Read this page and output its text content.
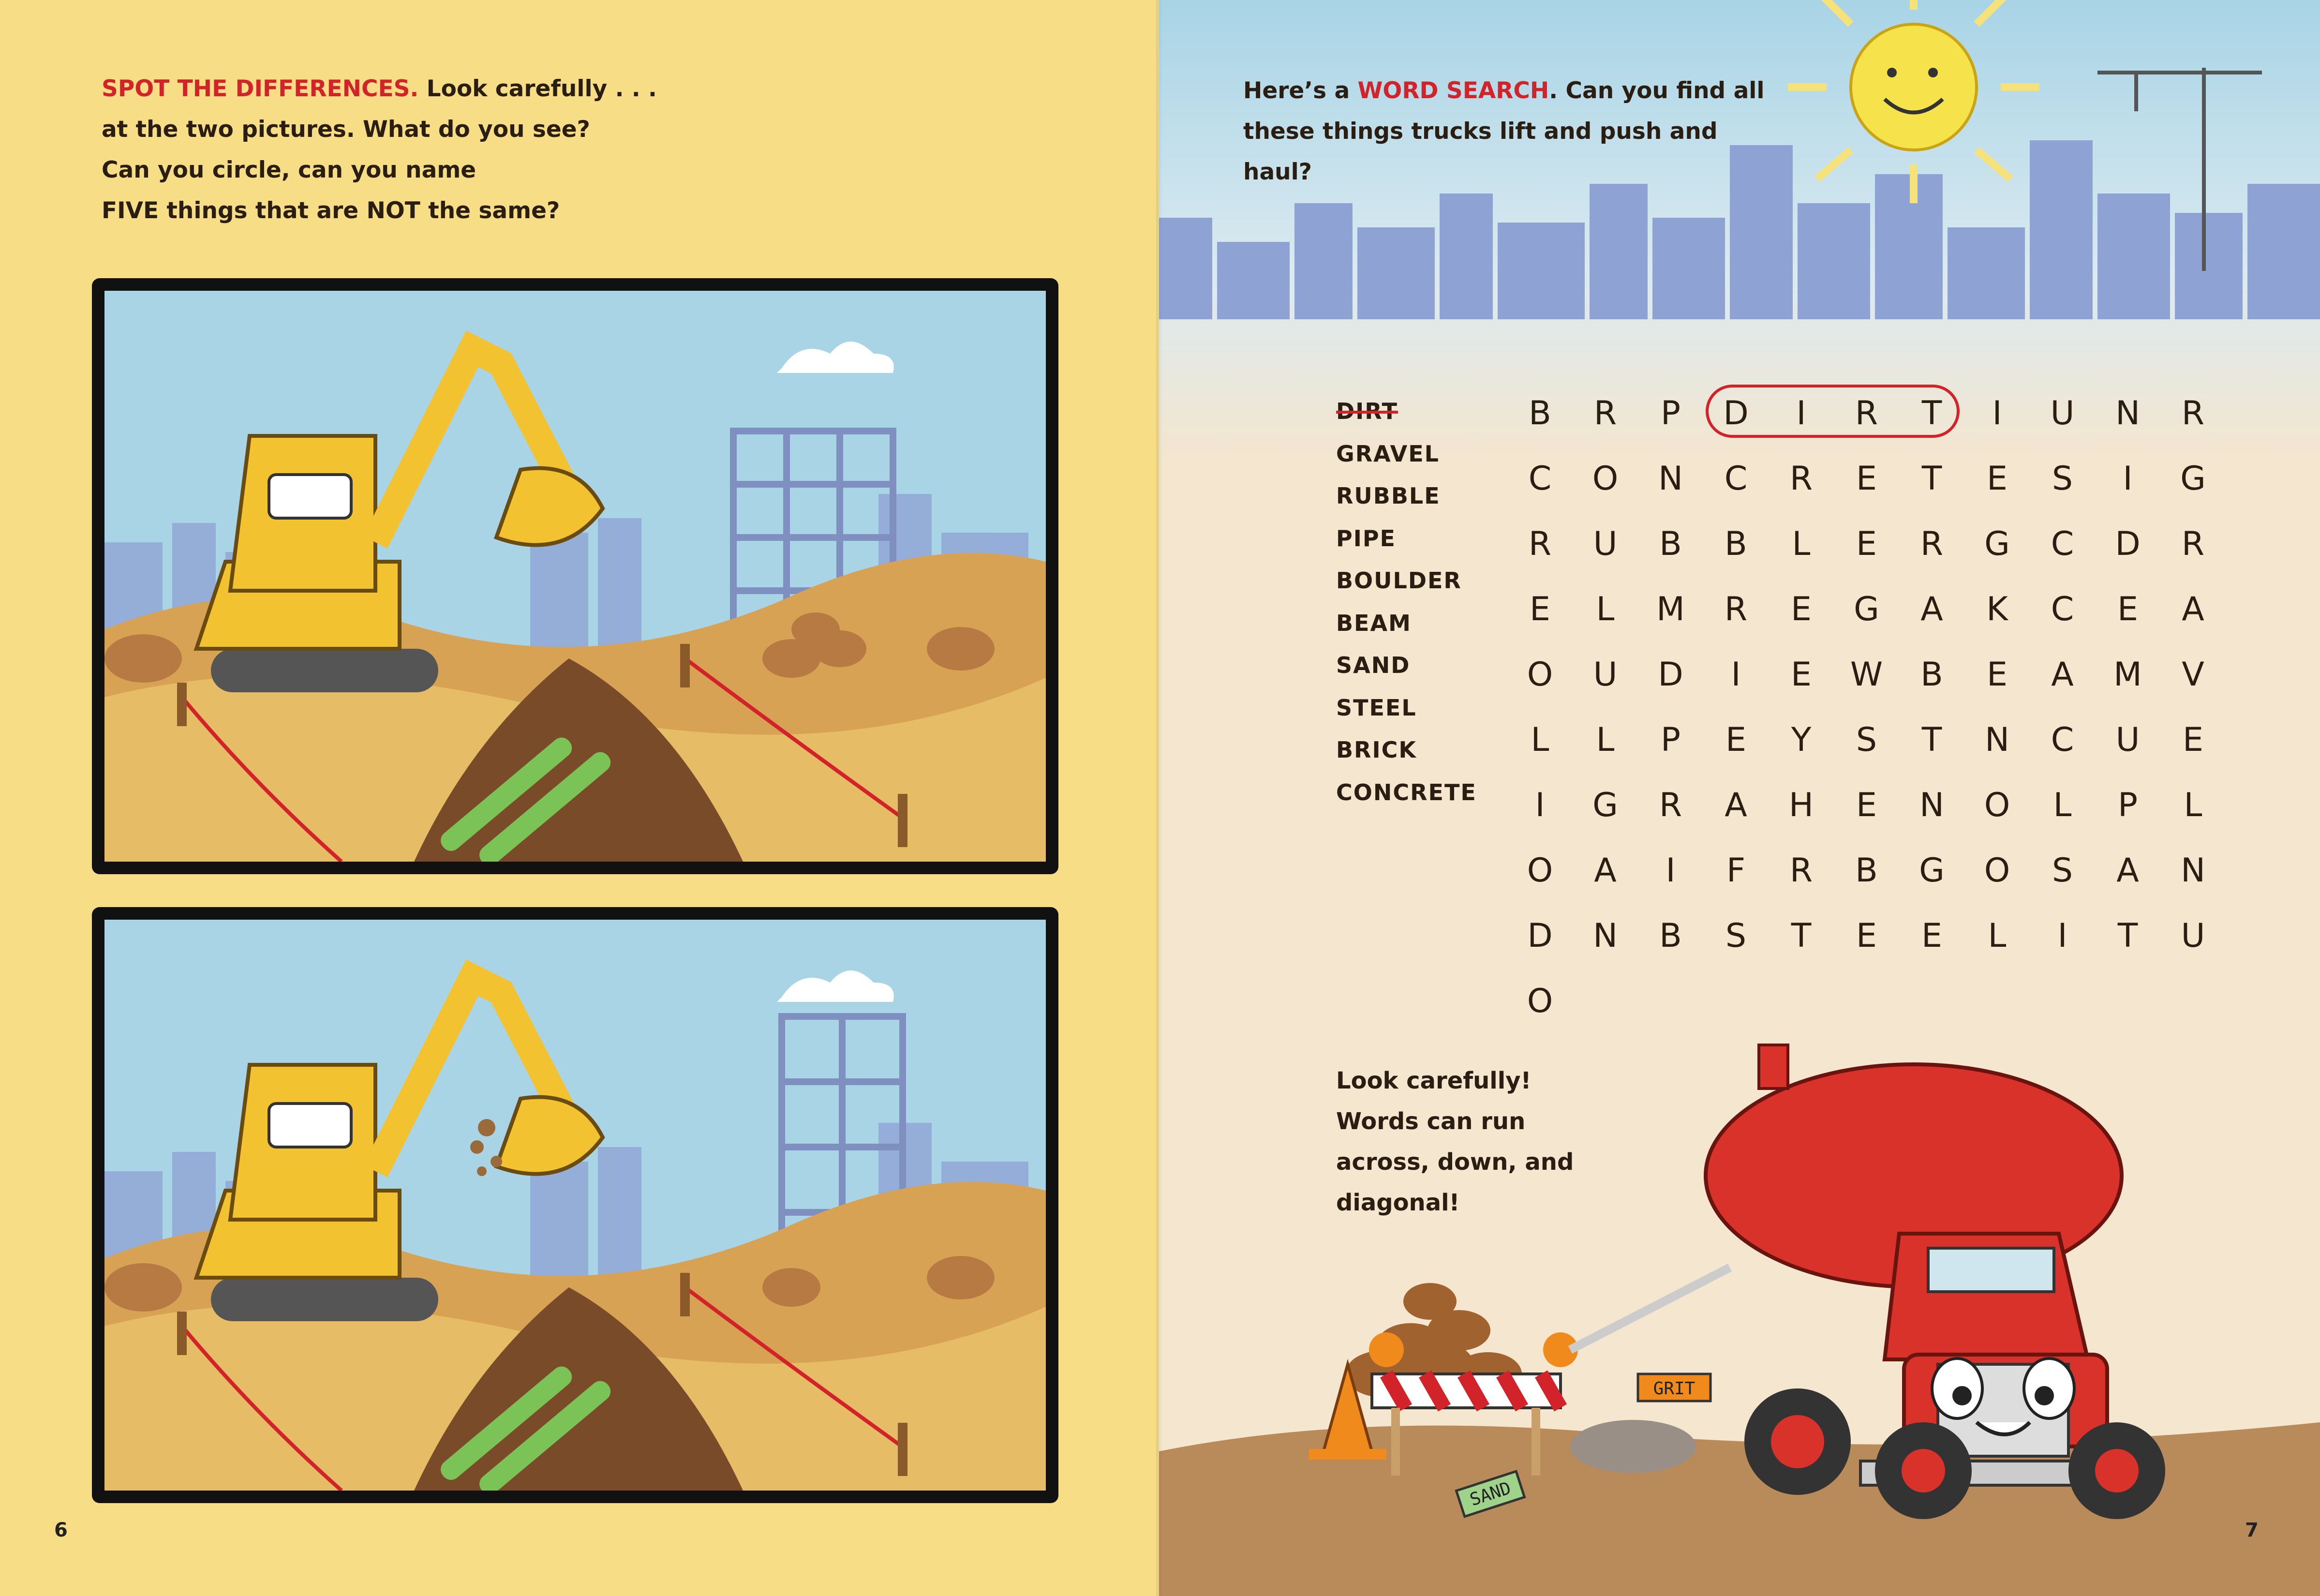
SPOT THE DIFFERENCES. Look carefully . . .
at the two pictures. What do you see?
Can you circle, can you name
FIVE things that are NOT the same?
6
Here’s a WORD SEARCH. Can you find all
these things trucks lift and push and haul?
DIRT
GRAVEL
RUBBLE
PIPE
BOULDER
BEAM
SAND
STEEL
BRICK
CONCRETE
B	R	P	D	I	R	T	I	U	N	R
C	O	N	C	R	E	T	E	S	I	G
R	U	B	B	L	E	R	G	C	D	R
E	L	M	R	E	G	A	K	C	E	A
O	U	D	I	E	W	B	E	A	M	V
L	L	P	E	Y	S	T	N	C	U	E
I	G	R	A	H	E	N	O	L	P	L
O	A	I	F	R	B	G	O	S	A	N
D	N	B	S	T	E	E	L	I	T	U
O
Look carefully!
Words can run
across, down, and
diagonal!
SAND
GRIT
7
